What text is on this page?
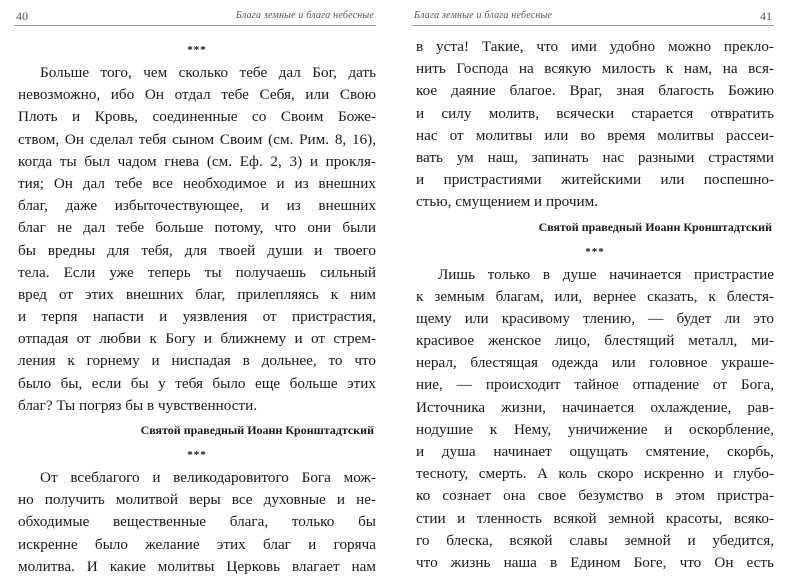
40	Блага земные и блага небесные
***
Больше того, чем сколько тебе дал Бог, дать
невозможно, ибо Он отдал тебе Себя, или Свою
Плоть и Кровь, соединенные со Своим Боже-
ством, Он сделал тебя сыном Своим (см. Рим. 8, 16),
когда ты был чадом гнева (см. Еф. 2, 3) и прокля-
тия; Он дал тебе все необходимое и из внешних
благ, даже избыточествующее, и из внешних
благ не дал тебе больше потому, что они были
бы вредны для тебя, для твоей души и твоего
тела. Если уже теперь ты получаешь сильный
вред от этих внешних благ, прилепляясь к ним
и терпя напасти и уязвления от пристрастия,
отпадая от любви к Богу и ближнему и от стрем-
ления к горнему и ниспадая в дольнее, то что
было бы, если бы у тебя было еще больше этих
благ? Ты погряз бы в чувственности.
Святой праведный Иоанн Кронштадтский
***
От всеблагого и великодаровитого Бога мож-
но получить молитвой веры все духовные и не-
обходимые вещественные блага, только бы
искренне было желание этих благ и горяча
молитва. И какие молитвы Церковь влагает нам
Блага земные и блага небесные	41
в уста! Такие, что ими удобно можно прекло-
нить Господа на всякую милость к нам, на вся-
кое даяние благое. Враг, зная благость Божию
и силу молитв, всячески старается отвратить
нас от молитвы или во время молитвы рассеи-
вать ум наш, запинать нас разными страстями
и пристрастиями житейскими или поспешно-
стью, смущением и прочим.
Святой праведный Иоанн Кронштадтский
***
Лишь только в душе начинается пристрастие
к земным благам, или, вернее сказать, к блестя-
щему или красивому тлению, — будет ли это
красивое женское лицо, блестящий металл, ми-
нерал, блестящая одежда или головное украше-
ние, — происходит тайное отпадение от Бога,
Источника жизни, начинается охлаждение, рав-
нодушие к Нему, уничижение и оскорбление,
и душа начинает ощущать смятение, скорбь,
тесноту, смерть. А коль скоро искренно и глубо-
ко сознает она свое безумство в этом пристра-
стии и тленность всякой земной красоты, всяко-
го блеска, всякой славы земной и убедится,
что жизнь наша в Едином Боге, что Он есть
